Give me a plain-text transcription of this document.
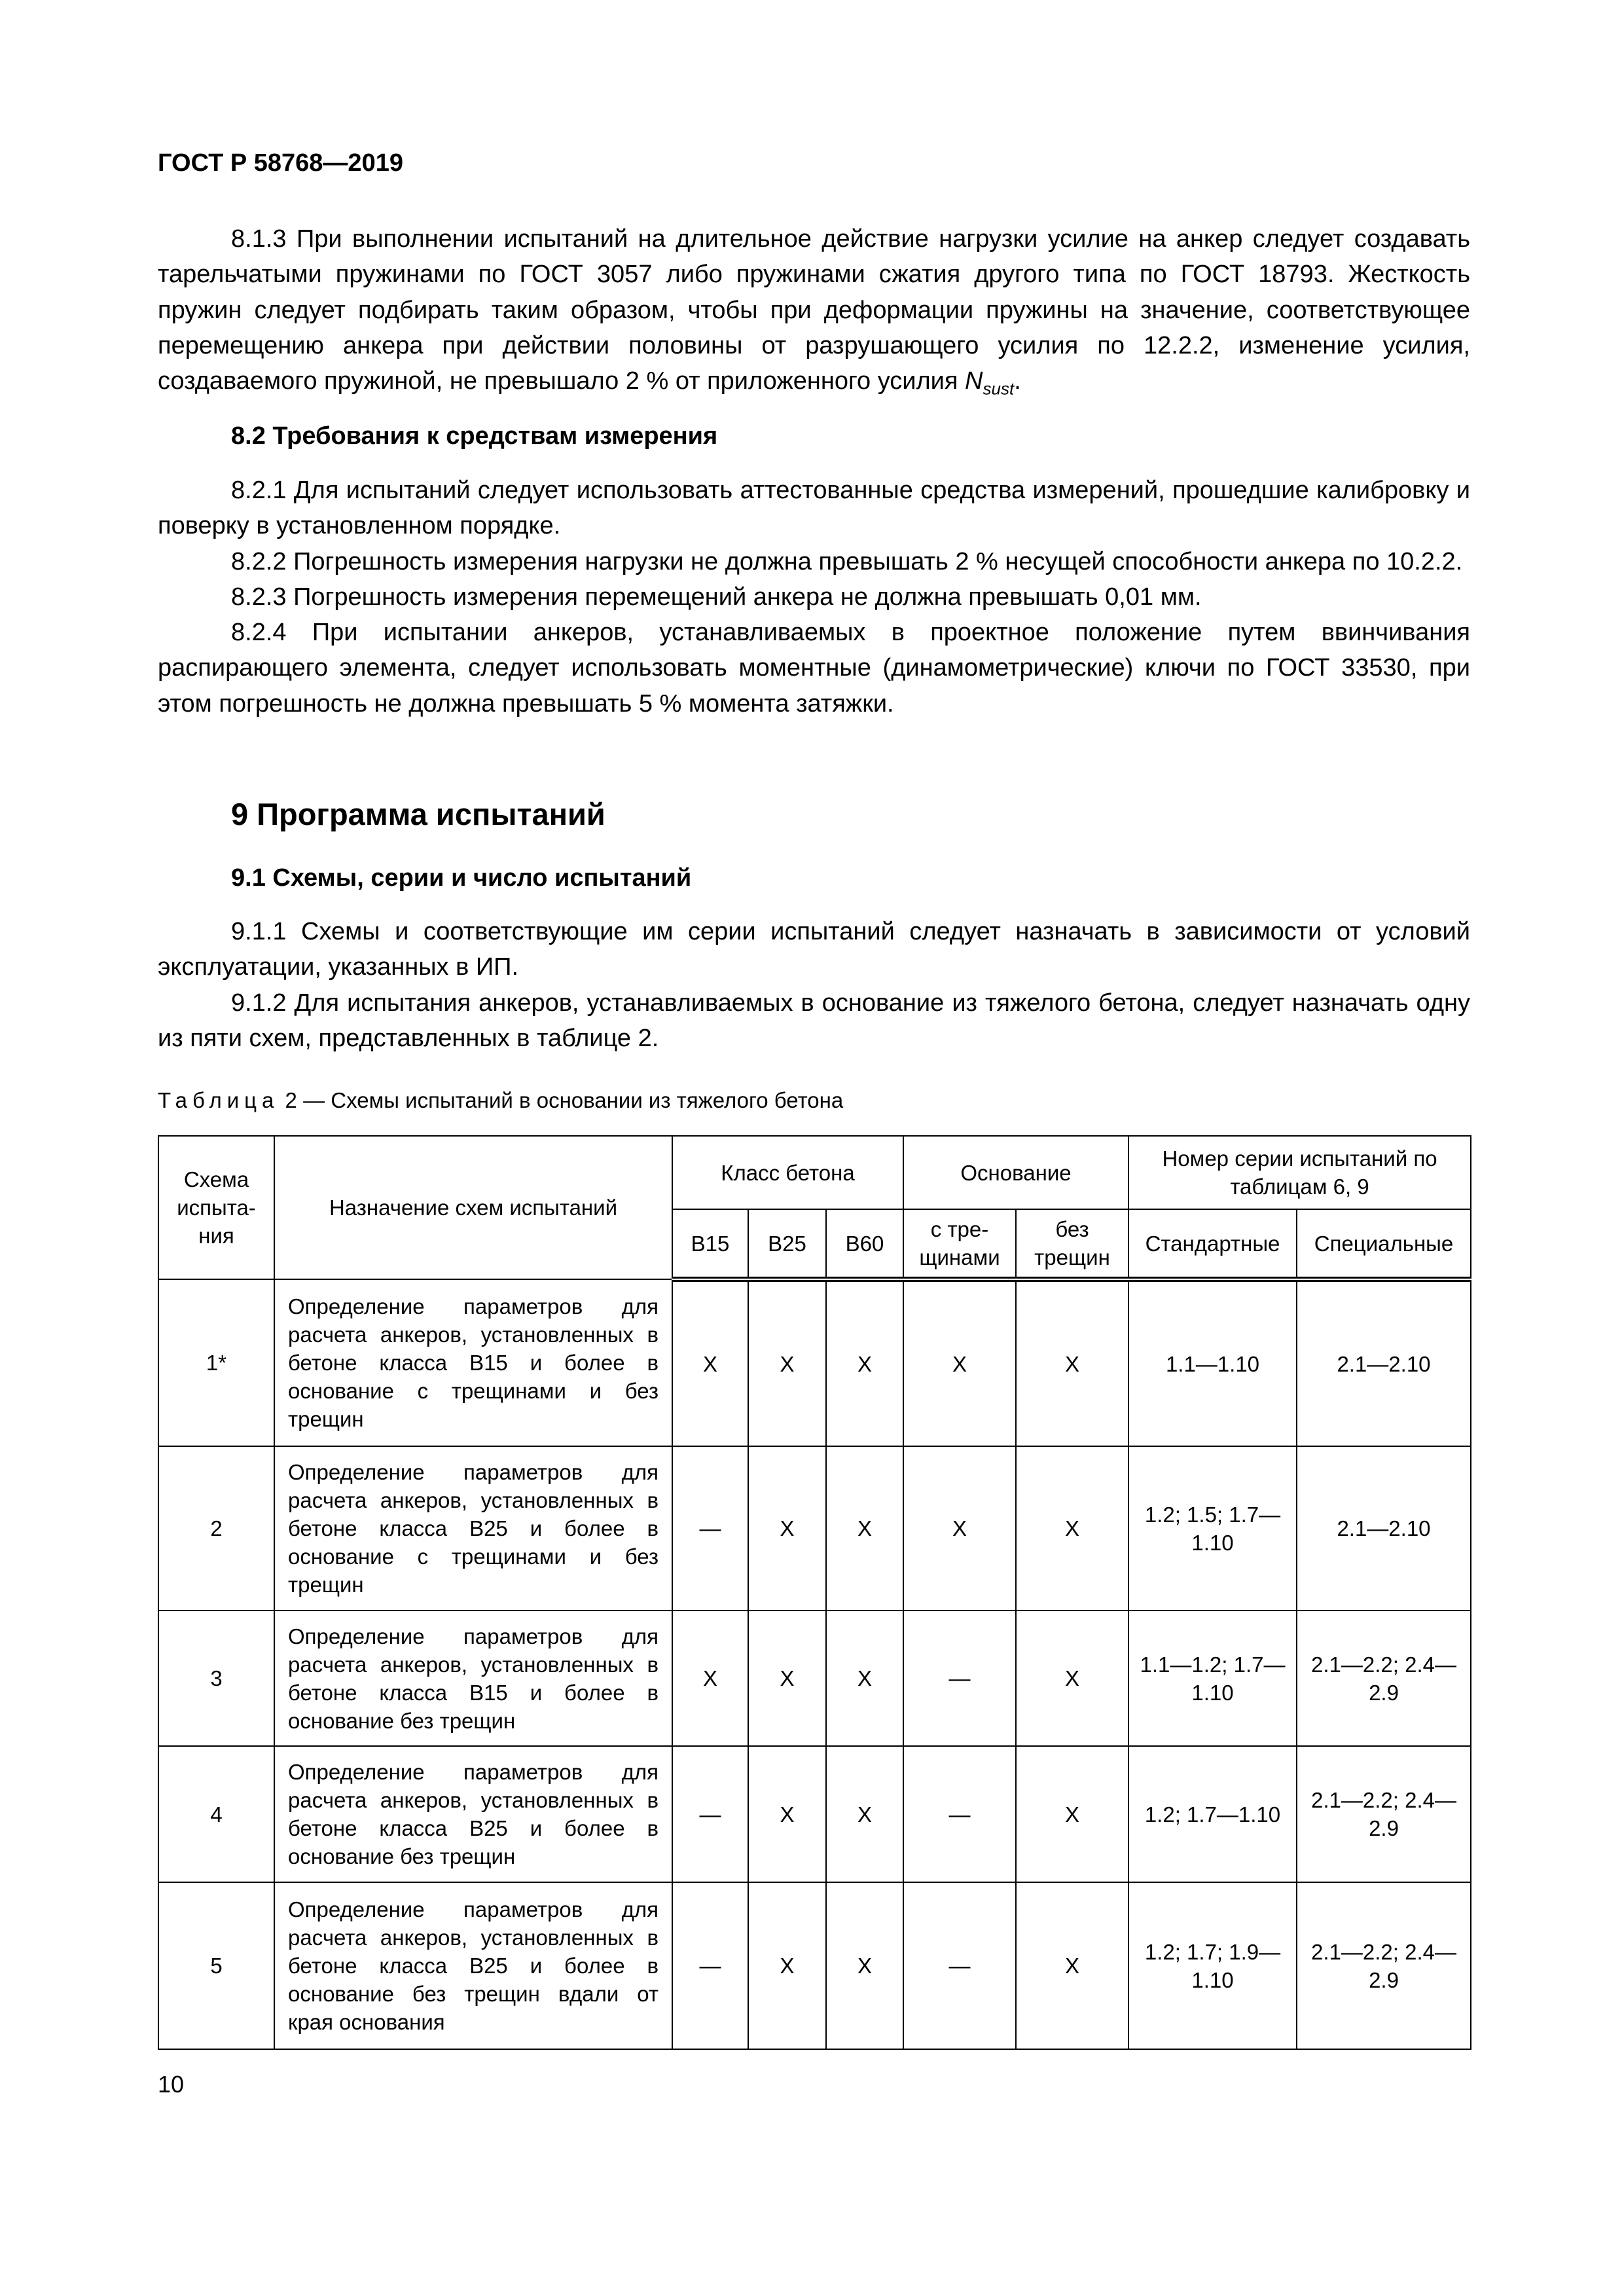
ГОСТ Р 58768—2019

8.1.3 При выполнении испытаний на длительное действие нагрузки усилие на анкер следует создавать тарельчатыми пружинами по ГОСТ 3057 либо пружинами сжатия другого типа по ГОСТ 18793. Жесткость пружин следует подбирать таким образом, чтобы при деформации пружины на значение, соответствующее перемещению анкера при действии половины от разрушающего усилия по 12.2.2, изменение усилия, создаваемого пружиной, не превышало 2 % от приложенного усилия $N_{sust}$.

8.2 Требования к средствам измерения

8.2.1 Для испытаний следует использовать аттестованные средства измерений, прошедшие калибровку и поверку в установленном порядке.

8.2.2 Погрешность измерения нагрузки не должна превышать 2 % несущей способности анкера по 10.2.2.

8.2.3 Погрешность измерения перемещений анкера не должна превышать 0,01 мм.

8.2.4 При испытании анкеров, устанавливаемых в проектное положение путем ввинчивания распирающего элемента, следует использовать моментные (динамометрические) ключи по ГОСТ 33530, при этом погрешность не должна превышать 5 % момента затяжки.

9 Программа испытаний
9.1 Схемы, серии и число испытаний

9.1.1 Схемы и соответствующие им серии испытаний следует назначать в зависимости от условий эксплуатации, указанных в ИП.

9.1.2 Для испытания анкеров, устанавливаемых в основание из тяжелого бетона, следует назначать одну из пяти схем, представленных в таблице 2.

Таблица 2 — Схемы испытаний в основании из тяжелого бетона
Схема испыта-ния	Назначение схем испытаний	Класс бетона			Основание		Номер серии испытаний по таблицам 6, 9	
		В15	В25	В60	с тре-щинами	без трещин	Стандартные	Специальные
1*	Определение параметров для расчета анкеров, установленных в бетоне класса В15 и более в основание с трещинами и без трещин	X	X	X	X	X	1.1—1.10	2.1—2.10
2	Определение параметров для расчета анкеров, установленных в бетоне класса В25 и более в основание с трещинами и без трещин	—	X	X	X	X	1.2; 1.5; 1.7—1.10	2.1—2.10
3	Определение параметров для расчета анкеров, установленных в бетоне класса В15 и более в основание без трещин	X	X	X	—	X	1.1—1.2; 1.7—1.10	2.1—2.2; 2.4—2.9
4	Определение параметров для расчета анкеров, установленных в бетоне класса В25 и более в основание без трещин	—	X	X	—	X	1.2; 1.7—1.10	2.1—2.2; 2.4—2.9
5	Определение параметров для расчета анкеров, установленных в бетоне класса В25 и более в основание без трещин вдали от края основания	—	X	X	—	X	1.2; 1.7; 1.9—1.10	2.1—2.2; 2.4—2.9
10
